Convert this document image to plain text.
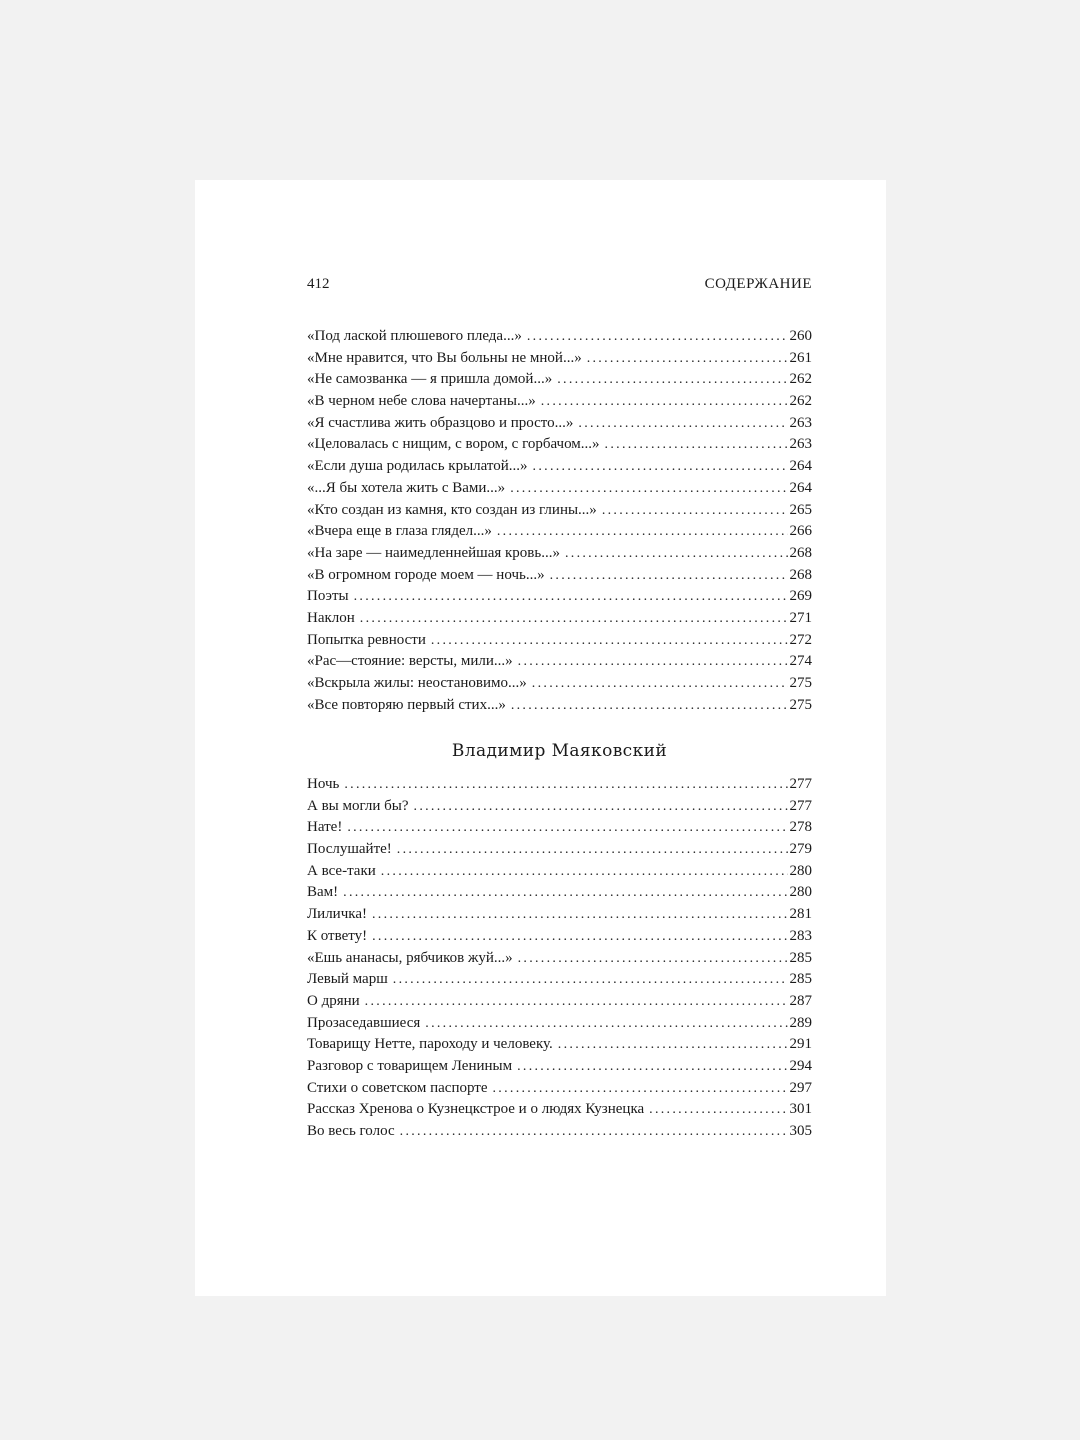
412	СОДЕРЖАНИЕ
«Под лаской плюшевого пледа...» . . .	260
«Мне нравится, что Вы больны не мной...» . . .	261
«Не самозванка — я пришла домой...» . . .	262
«В черном небе слова начертаны...» . . .	262
«Я счастлива жить образцово и просто...» . . .	263
«Целовалась с нищим, с вором, с горбачом...» . . .	263
«Если душа родилась крылатой...» . . .	264
«...Я бы хотела жить с Вами...» . . .	264
«Кто создан из камня, кто создан из глины...» . . .	265
«Вчера еще в глаза глядел...» . . .	266
«На заре — наимедленнейшая кровь...» . . .	268
«В огромном городе моем — ночь...» . . .	268
Поэты . . .	269
Наклон . . .	271
Попытка ревности . . .	272
«Рас—стояние: версты, мили...» . . .	274
«Вскрыла жилы: неостановимо...» . . .	275
«Все повторяю первый стих...» . . .	275
Владимир Маяковский
Ночь . . .	277
А вы могли бы? . . .	277
Нате! . . .	278
Послушайте! . . .	279
А все-таки . . .	280
Вам! . . .	280
Лиличка! . . .	281
К ответу! . . .	283
«Ешь ананасы, рябчиков жуй...» . . .	285
Левый марш . . .	285
О дряни . . .	287
Прозаседавшиеся . . .	289
Товарищу Нетте, пароходу и человеку. . . .	291
Разговор с товарищем Лениным . . .	294
Стихи о советском паспорте . . .	297
Рассказ Хренова о Кузнецкстрое и о людях Кузнецка . . .	301
Во весь голос . . .	305
